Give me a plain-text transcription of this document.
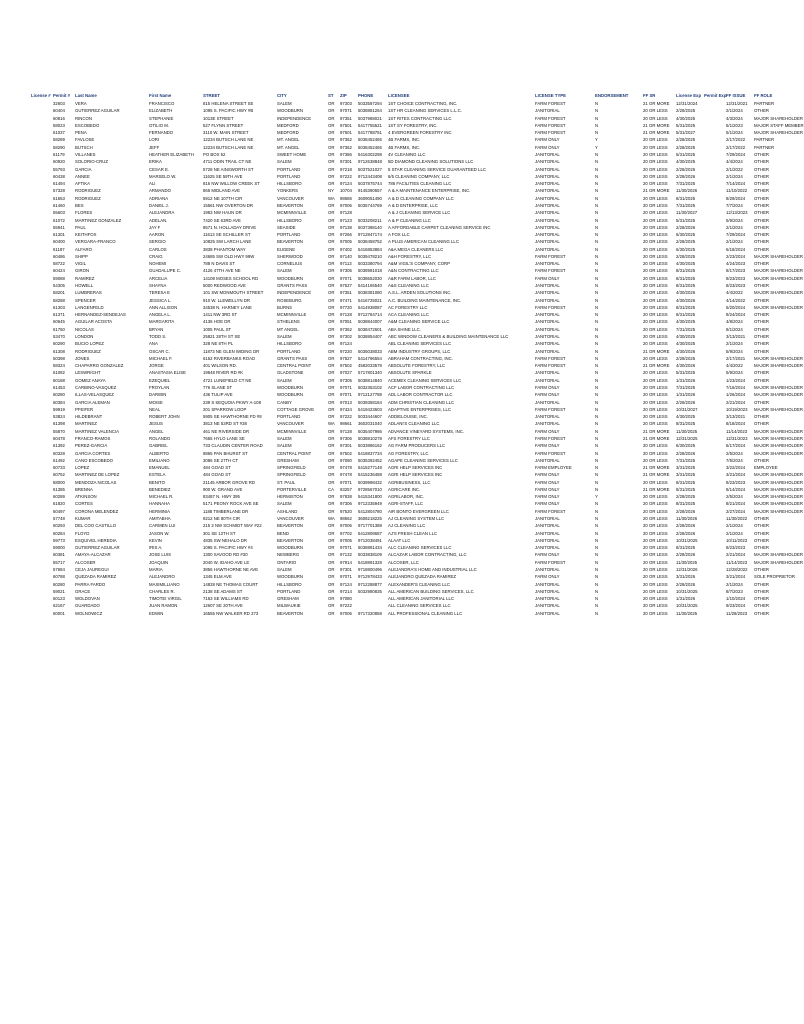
License #	Permit #	Last Name	First Name	STREET	CITY	ST	ZIP	PHONE	LICENSEE	LICENSE TYPE	ENDORSEMENT	FF SR	License Exp	Permit Exp	FF ISSUE	FF ROLE
	32603	VERA	FRANCISCO	815 HELENA STREET SE	SALEM	OR	97303	5033587294	1ST CHOICE CONTRACTING, INC.	FARM FOREST	N	21 OR MORE	12/31/2024		12/31/2021	PARTNER
	60404	GUTIERREZ AGUILAR	ELIZABETH	1095 S. PACIFIC HWY #B	WOODBURN	OR	97071	5038881264	1ST HR CLEANING SERVICES L.L.C.	JANITORIAL	N	20 OR LESS	2/28/2025		2/1/2024	OTHER
	60816	RINCON	STEPHANIE	1013E STREET	INDEPENDENCE	OR	97351	5037988021	1ST RITES CONTRACTING LLC	FARM FOREST	N	20 OR LESS	4/30/2025		4/3/2024	MAJOR SHAREHOLDER
	58023	ESCOBEDO	OTILIO M.	527 FLYNN STREET	MEDFORD	OR	97501	5417755521	1ST SY FORESTRY, INC.	FARM FOREST	N	21 OR MORE	5/31/2025		5/1/2023	MAJOR STAFF MEMBER
	61037	PENA	FERNANDO	3110 W. MAIN STREET	MEDFORD	OR	97501	5417788751	4 EVERGREEN FORESTRY INC	FARM FOREST	N	21 OR MORE	5/31/2027		5/1/2024	MAJOR SHAREHOLDER
	58289	FAVLOSE	LORI	12234 BUTSCH LANE NE	MT. ANGEL	OR	97362	5038452465	4B FARMS, INC.	FARM ONLY	Y	20 OR LESS	2/28/2025		2/17/2022	PARTNER
	58290	BUTSCH	JEFF	12234 BUTSCH LANE NE	MT. ANGEL	OR	97362	5038452465	4B FARMS, INC.	FARM ONLY	Y	20 OR LESS	2/28/2025		2/17/2022	PARTNER
	61179	VILLANES	HEATHER ELIZABETH	PO BOX 52	SWEET HOME	OR	97386	5416302298	4V CLEANING LLC	JANITORIAL	N	20 OR LESS	5/31/2025		7/29/2024	OTHER
	60920	SOLORIO-CRUZ	ERIKA	4711 ODIN TRAIL CT NE	SALEM	OR	97301	9712638848	5D DIAMOND CLEANING SOLUTIONS LLC	JANITORIAL	N	20 OR LESS	4/30/2025		4/4/2024	OTHER
	55793	GARCIA	CESAR E.	5728 NE AINSWORTH ST	PORTLAND	OR	97218	5037521027	5 STAR CLEANING SERVICE GUARANTEED LLC	JANITORIAL	N	20 OR LESS	2/28/2026		2/1/2022	OTHER
	60438	ANNEE	MARSELO W.	11625 SE 59TH AVE	PORTLAND	OR	97222	9712443408	6/5 CLEANING COMPANY, LLC	JANITORIAL	N	20 OR LESS	2/28/2026		2/1/2024	OTHER
	61494	AFTIKA	ALI	816 NW WILLOW CREEK ST	HILLSBORO	OR	97124	5037875744	786 FACILITIES CLEANING LLC	JANITORIAL	N	20 OR LESS	7/31/2025		7/14/2024	OTHER
	57328	RODRIGUEZ	ARMANDO	865 MIDLAND AVE	YONKERS	NY	10704	9145390657	A & A MAINTENANCE ENTERPRISE, INC.	JANITORIAL	N	21 OR MORE	11/30/2026		11/10/2022	OTHER
	61653	RODRIGUEZ	ADRIANA	5912 NE 107TH CIR	VANCOUVER	WA	98686	3609051490	A & D CLEANING COMPANY LLC	JANITORIAL	N	20 OR LESS	8/31/2025		8/29/2024	OTHER
	61460	BES	DANIEL J.	15561 NW OVERTON DR	BEAVERTON	OR	97006	5035744769	A & D ENTERPRISE, LLC	JANITORIAL	N	20 OR LESS	7/31/2025		7/7/2024	OTHER
	55603	FLORES	ALEJANDRA	1983 NW HAUN DR	MCMINNVILLE	OR	97128		A & J CLEANING SERVICE LLC	JANITORIAL	N	20 OR LESS	11/30/2027		12/13/2023	OTHER
	61072	MARTINEZ GONZALEZ	ADELAN.	7420 SE 63RD AVE	HILLSBORO	OR	97123	5033208211	A & P CLEANING LLC	JANITORIAL	N	20 OR LESS	5/31/2025		5/9/2024	OTHER
	55941	PAUL	JAY F	8571 N. HOLLADAY DRIVE	SEASIDE	OR	97138	5037388140	A AFFORDABLE CARPET CLEANING SERVICE INC	JANITORIAL	N	20 OR LESS	2/28/2026		2/1/2024	OTHER
	61301	KEITHFOX	AARON	11613 SE SCHILLER ST	PORTLAND	OR	97266	9712847174	A FOX LLC	JANITORIAL	N	20 OR LESS	6/30/2025		7/29/2024	OTHER
	60400	VERGARA-FRANCO	SERGIO	10825 SW LARCH LANE	BEAVERTON	OR	97005	5038458752	A PLUS AMERICAN CLEANING LLC	JANITORIAL	N	20 OR LESS	2/28/2025		2/1/2024	OTHER
	61187	ALFARO	CARLOS	3838 PHANTOM WAY	EUGENE	OR	97402	5416853884	A&A MEGA CLEANERS LLC	JANITORIAL	N	20 OR LESS	6/30/2025		6/18/2024	OTHER
	60486	SHIPP	CRAIG	24685 SW OLD HWY 99W	SHERWOOD	OR	97140	5039478210	A&H FORESTRY, LLC	FARM FOREST	N	20 OR LESS	2/28/2025		2/23/2024	MAJOR SHAREHOLDER
	58722	VIGIL	NOHEMI	788 N DAVIS ST	CORNELIUS	OR	97113	5033380794	A&M VIGIL'S COMPANY, CORP	JANITORIAL	N	20 OR LESS	4/30/2025		4/24/2023	OTHER
	60424	GIRON	GUADALUPE C.	4126 47TH AVE NE	SALEM	OR	97305	5038981018	A&N CONTRACTING LLC	FARM FOREST	N	20 OR LESS	8/31/2025		8/17/2023	MAJOR SHAREHOLDER
	59088	RAMIREZ	ARCELIA	14108 MOSES SCHOOL RD	WOODBURN	OR	97071	5038652030	A&R FARM LABOR, LLC	FARM ONLY	N	20 OR LESS	8/31/2025		8/23/2023	MAJOR SHAREHOLDER
	54305	HOWELL	SHAYNA	5000 REDWOOD AVE	GRANTS PASS	OR	97527	5414165540	A&S CLEANING LLC	JANITORIAL	N	20 OR LESS	8/31/2025		8/23/2023	OTHER
	58201	LUMBRERAS	TERESA E	101 SW MONMOUTH STREET	INDEPENDENCE	OR	97351	5038381080	A.S.L. ARDEN SOLUTIONS INC.	JANITORIAL	N	20 OR LESS	4/30/2026		4/4/2022	MAJOR SHAREHOLDER
	58288	SPENCER	JESSICA L.	910 W. LLEWELLYN DR	ROSEBURG	OR	97471	5416725021	A.C. BUILDING MAINTENANCE, INC.	JANITORIAL	N	20 OR LESS	4/30/2026		4/14/2022	OTHER
	61303	LANGENFELD	ANN ALLISON	34538 N. HARNEY LANE	BURNS	OR	97720	5414938087	AC FORESTRY LLC	FARM FOREST	N	20 OR LESS	8/31/2025		5/20/2024	MAJOR SHAREHOLDER
	61371	HERNANDEZ-SENDEJAS	ANGELA L.	1411 NW 3RD ST	MCMINNVILLE	OR	97128	9712784714	ACA CLEANING LLC	JANITORIAL	N	20 OR LESS	8/31/2025		8/24/2024	OTHER
	60645	AGUILAR ACOSTA	MARGARITA	4136 HOE DR	STHELENS	OR	97051	5038844007	A&M CLEANING SERVICE LLC	JANITORIAL	N	20 OR LESS	4/30/2025		4/8/2024	OTHER
	61750	NICOLAS	BRYAN	1005 PAUL ST	MT ANGEL	OR	97362	5038472601	ABA SHINE LLC.	JANITORIAL	N	20 OR LESS	7/31/2025		8/1/2024	OTHER
	53470	LONDON	TODD S.	25821 28TH ST SE	SALEM	OR	97302	5038854407	ABC WINDOW CLEANERS & BUILDING MAINTENANCE LLC	JANITORIAL	N	20 OR LESS	4/30/2025		3/13/2021	OTHER
	60290	BUCIO LOPEZ	ANA	328 NE 8TH PL	HILLSBORO	OR	97124		ABL CLEANING SERVICES LLC	JANITORIAL	N	20 OR LESS	4/30/2025		2/1/2024	OTHER
	61308	RODRIGUEZ	OSCAR C.	11873 NE GLEN WIDING DR	PORTLAND	OR	97220	5035038033	ABM INDUSTRY GROUPS, LLC	JANITORIAL	N	21 OR MORE	4/30/2026		5/9/2024	OTHER
	50398	JONES	MICHAEL F.	6152 RIVERBANKS ROAD	GRANTS PASS	OR	97527	5414796554	ABRAHAM CONTRACTING, INC.	FARM FOREST	N	20 OR LESS	2/28/2025		2/17/2021	MAJOR SHAREHOLDER
	58324	CHAPARRO GONZALEZ	JORGE	401 WILSON RD.	CENTRAL POINT	OR	97502	4582033578	ABSOLUTE FORESTRY, LLC	FARM FOREST	N	21 OR MORE	4/30/2026		4/4/2022	MAJOR SHAREHOLDER
	61082	LESWRIGHT	ANASTASIA ELISE	19848 RIVER RD #K	GLADSTONE	OR	97027	5717801340	ABSOLUTE SPARKLE	JANITORIAL	N	20 OR LESS	5/31/2025		5/9/2024	OTHER
	60188	GOMEZ ANAYA	EZEQUIEL	4721 LUNEFIELD CT NE	SALEM	OR	97305	5038814840	ACEMEX CLEANING SERVICES LLC	JANITORIAL	N	20 OR LESS	1/31/2026		1/23/2024	OTHER
	61453	CARBINO-VASQUEZ	FROYLAN	776 SLANE ST	WOODBURN	OR	97071	5032353102	ACF LABOR CONTRACTING LLC	FARM ONLY	N	20 OR LESS	7/31/2025		7/16/2024	MAJOR SHAREHOLDER
	60280	ILLAS-VELASQUEZ	DARWIN	436 TULIP AVE	WOODBURN	OR	97071	9712127788	ADL LABOR CONTRACTOR LLC	FARM ONLY	N	20 OR LESS	1/31/2026		1/26/2024	MAJOR SHAREHOLDER
	60384	GARCIA ALEMAN	MOISE	239 S SEQUOIA PKWY A-108	CANBY	OR	97013	5039358184	ADM CHRISTIAN CLEANING LLC	JANITORIAL	N	20 OR LESS	2/28/2026		2/21/2024	OTHER
	59919	PFEIFER	NEAL	201 SPARROW LOOP	COTTAGE GROVE	OR	97424	5419423603	ADAPTIVE ENTERPRISES, LLC	FARM FOREST	N	20 OR LESS	10/31/2027		10/19/2023	MAJOR SHAREHOLDER
	53824	HILDEBRANT	ROBERT JOHN	5905 SE HAWTHORNE FD #8	PORTLAND	OR	97222	5033444607	ADDIELOUISE, INC.	JANITORIAL	N	20 OR LESS	4/30/2025		3/13/2021	OTHER
	61398	MARTINEZ	JESUS	3813 NE 53RD ST #38	VANCOUVER	WA	98661	3602031040	ADLANI'S CLEANING LLC	JANITORIAL	N	20 OR LESS	8/31/2025		8/18/2024	OTHER
	55870	MARTINEZ VALENCIA	ANGEL	461 NE RIVERSIDE DR	MCMINNVILLE	OR	97128	5035407986	ADVANCE VINEYARD SYSTEMS, INC.	FARM ONLY	N	21 OR MORE	11/30/2025		11/14/2023	MAJOR SHAREHOLDER
	60478	FRANCO-RAMOS	ROLANDO	7655 HYLO LANE SE	SALEM	OR	97306	5038810278	AFS FORESTRY LLC	FARM FOREST	N	21 OR MORE	12/31/2025		12/31/2023	MAJOR SHAREHOLDER
	61392	PEREZ-GARCIA	GABRIEL	733 CLAUDIN CENTER ROAD	SALEM	OR	97301	5033886162	AG FARM PRODUCERS LLC	FARM ONLY	N	20 OR LESS	6/30/2025		6/17/2024	MAJOR SHAREHOLDER
	60328	GARCIA CORTES	ALBERTO	8865 PAN BHURST ST	CENTRAL POINT	OR	97502	5418837734	AG FORESTRY, LLC	FARM FOREST	N	20 OR LESS	2/28/2026		2/5/2024	MAJOR SHAREHOLDER
	61492	CANO ESCOBEDO	EMILIANO	3086 SE 27TH CT	GRESHAM	OR	97080	5035392452	AGAPE CLEANING SERVICES LLC	JANITORIAL	N	20 OR LESS	7/31/2025		7/5/2024	OTHER
	60733	LOPEZ	EMANUEL	484 GOAD ST	SPRINGFIELD	OR	97478	5415277148	AGRI HELP SERVICES INC	FARM EMPLOYEE	N	21 OR MORE	3/31/2025		3/22/2024	EMPLOYEE
	60752	MARTINEZ DE LOPEZ	ESTELA	484 GOAD ST	SPRINGFIELD	OR	97478	5415236488	AGRI HELP SERVICES INC	FARM ONLY	N	21 OR MORE	3/31/2025		3/21/2024	MAJOR SHAREHOLDER
	58000	MENDOZA NICOLAS	BENITO	21145 ARBOR GROVE RD	ST. PAUL	OR	97071	5039998432	AGRIBUSINESS, LLC	FARM ONLY	N	20 OR LESS	8/31/2025		8/23/2023	MAJOR SHAREHOLDER
	61385	BRENNA	BENEDIEZ	900 W. GRAND AVE	PORTERVILLE	CA	93257	9728567010	AGRICARE INC.	FARM ONLY	N	21 OR MORE	8/31/2025		8/14/2024	MAJOR SHAREHOLDER
	60289	ATKINSON	MICHAEL R.	83487 N. HWY 395	HERMISTON	OR	97838	5415341800	AGRILABOR, INC.	FARM ONLY	Y	20 OR LESS	2/28/2025		2/5/2024	MAJOR SHAREHOLDER
	61820	CORTES	HANNAHA	5171 PEONY ROCK AVE SE	SALEM	OR	97306	9712335949	AGRI-STAFF, LLC	FARM ONLY	N	20 OR LESS	8/31/2025		8/21/2024	MAJOR SHAREHOLDER
	60497	CORONA MELENDEZ	HERMINIA	1188 TIMBERLANE DR	ASHLAND	OR	97520	5412804780	AIR BONTO EVERGREEN LLC	FARM FOREST	N	20 OR LESS	2/28/2026		2/27/2024	MAJOR SHAREHOLDER
	57748	KUMAR	AMITABHA	9212 NE 80TH CIR	VANCOUVER	WA	98662	3608218225	AJ CLEANING SYSTEM LLC	JANITORIAL	N	20 OR LESS	11/30/2026		11/30/2022	OTHER
	60293	DEL COO CASTILLO	CARMEN LUI	215 2 NW SCHMIDT WAY #22	BEAVERTON	OR	97006	9717701388	AJ CLEANING LLC	JANITORIAL	N	20 OR LESS	2/28/2026		2/1/2024	OTHER
	60284	FLOYD	JASON W.	301 SE 13TH ST	BEND	OR	97702	5412808687	AJ'S FRESH CLEAN LLC	JANITORIAL	N	20 OR LESS	2/28/2026		2/1/2024	OTHER
	59773	ESQUIVEL HEREDIA	KEVIN	4835 SW NEHALO DR	BEAVERTON	OR	97005	9712038491	ALAAT LLC	JANITORIAL	N	20 OR LESS	10/31/2025		10/11/2023	OTHER
	59000	GUTIERREZ AGUILAR	IRIS A.	1095 S. PACIFIC HWY #4	WOODBURN	OR	97071	5038881434	ALC CLEANING SERVICES LLC	JANITORIAL	N	20 OR LESS	8/31/2025		8/23/2023	OTHER
	60381	AMAYA-ALCAZAR	JOSE LUIS	1300 SAVOOD RD #30	NEWBERG	OR	97132	5033838109	ALCAZAR LABOR CONTRACTING, LLC	FARM ONLY	N	20 OR LESS	2/28/2026		2/21/2024	MAJOR SHAREHOLDER
	55717	ALCOSER	JOAQUIN	2040 W. IDAHO AVE LE	ONTARIO	OR	97914	5418891328	ALCOSER, LLC	FARM FOREST	N	20 OR LESS	11/30/2025		11/14/2023	MAJOR SHAREHOLDER
	57684	CEJA JAUREGUI	MARIA	3856 HAWTHORNE NE AVE	SALEM	OR	97301	9718800496	ALEJANDRA'S HOME AND INDUSTRIAL LLC	JANITORIAL	N	20 OR LESS	12/31/2026		12/28/2022	OTHER
	60788	QUEZADA RAMIREZ	ALEJANDRO	1345 ELM AVE	WOODBURN	OR	97071	9712978433	ALEJANDRO QUEZADA RAMIREZ	FARM ONLY	N	20 OR LESS	3/31/2026		3/21/2024	SOLE PROPRIETOR
	60280	PARRA FARDO	MAXIMILLIANO	14828 NE THOMAS COURT	HILLSBORO	OR	97124	9712288877	ALEXANDER'S CLEANING LLC	JANITORIAL	N	20 OR LESS	2/28/2026		2/1/2024	OTHER
	59021	GRACE	CHARLES R.	2138 SE ADAMS ST	PORTLAND	OR	97214	5032980835	ALL AMERICAN BUILDING SERVICES, LLC	JANITORIAL	N	20 OR LESS	10/31/2025		8/7/2023	OTHER
	60123	WOLDOVAN	TIMOTEI VIRGIL	7163 SE WILLIAMS RD	GRESHAM	OR	97080		ALL AMERICAN JANITORIAL LLC	JANITORIAL	N	20 OR LESS	1/31/2026		1/10/2024	OTHER
	62167	GUARDADO	JUAN RAMON	12607 SE 20TH AVE	MILWAUKIE	OR	97222		ALL CLEANING SERVICES LLC	JANITORIAL	N	20 OR LESS	10/31/2025		9/23/2024	OTHER
	60001	WOLNOWICZ	EDWIN	16555 NW WALKER RD 273	BEAVERTON	OR	97006	9717320858	ALL PROFESSIONAL CLEANING LLC	JANITORIAL	N	20 OR LESS	11/30/2025		11/28/2023	OTHER
